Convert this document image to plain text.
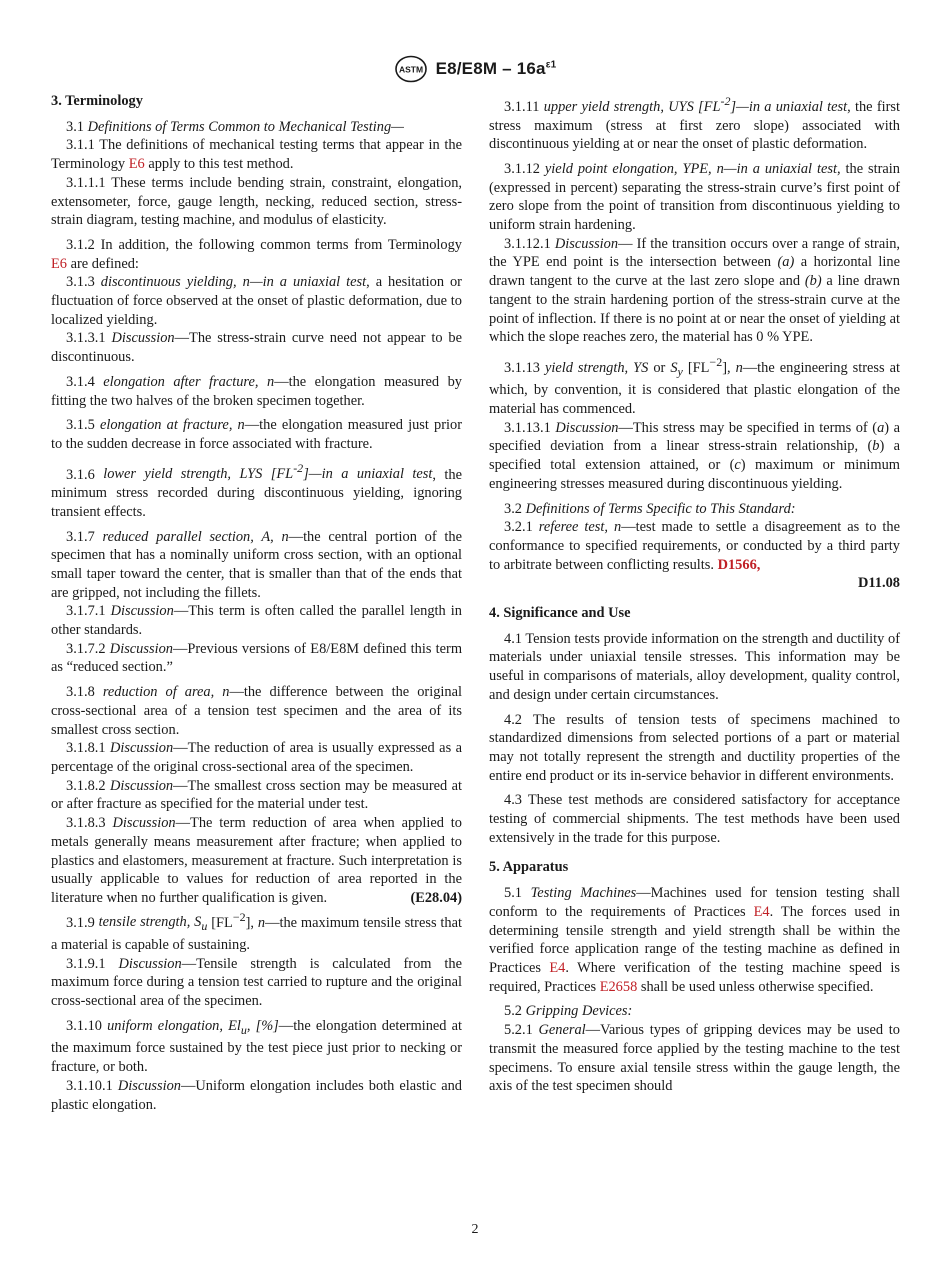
ASTM $E8/E8M - 16a^{\varepsilon 1}$
3. Terminology
3.1 Definitions of Terms Common to Mechanical Testing—
3.1.1 The definitions of mechanical testing terms that appear in the Terminology E6 apply to this test method.
3.1.1.1 These terms include bending strain, constraint, elongation, extensometer, force, gauge length, necking, reduced section, stress-strain diagram, testing machine, and modulus of elasticity.
3.1.2 In addition, the following common terms from Terminology E6 are defined:
3.1.3 discontinuous yielding, n—in a uniaxial test, a hesitation or fluctuation of force observed at the onset of plastic deformation, due to localized yielding.
3.1.3.1 Discussion—The stress-strain curve need not appear to be discontinuous.
3.1.4 elongation after fracture, n—the elongation measured by fitting the two halves of the broken specimen together.
3.1.5 elongation at fracture, n—the elongation measured just prior to the sudden decrease in force associated with fracture.
3.1.6 lower yield strength, LYS $[FL^{-2}]—in$ a uniaxial test, the minimum stress recorded during discontinuous yielding, ignoring transient effects.
3.1.7 reduced parallel section, A, n—the central portion of the specimen that has a nominally uniform cross section, with an optional small taper toward the center, that is smaller than that of the ends that are gripped, not including the fillets.
3.1.7.1 Discussion—This term is often called the parallel length in other standards.
3.1.7.2 Discussion—Previous versions of E8/E8M defined this term as “reduced section.”
3.1.8 reduction of area, n—the difference between the original cross-sectional area of a tension test specimen and the area of its smallest cross section.
3.1.8.1 Discussion—The reduction of area is usually expressed as a percentage of the original cross-sectional area of the specimen.
3.1.8.2 Discussion—The smallest cross section may be measured at or after fracture as specified for the material under test.
3.1.8.3 Discussion—The term reduction of area when applied to metals generally means measurement after fracture; when applied to plastics and elastomers, measurement at fracture. Such interpretation is usually applicable to values for reduction of area reported in the literature when no further qualification is given.	(E28.04)
3.1.9 tensile strength, $S_u$ $[FL^{-2}]$, n—the maximum tensile stress that a material is capable of sustaining.
3.1.9.1 Discussion—Tensile strength is calculated from the maximum force during a tension test carried to rupture and the original cross-sectional area of the specimen.
3.1.10 uniform elongation, $El_u$, [%]—the elongation determined at the maximum force sustained by the test piece just prior to necking or fracture, or both.
3.1.10.1 Discussion—Uniform elongation includes both elastic and plastic elongation.
3.1.11 upper yield strength, UYS $[FL^{-2}]—in$ a uniaxial test, the first stress maximum (stress at first zero slope) associated with discontinuous yielding at or near the onset of plastic deformation.
3.1.12 yield point elongation, YPE, n—in a uniaxial test, the strain (expressed in percent) separating the stress-strain curve’s first point of zero slope from the point of transition from discontinuous yielding to uniform strain hardening.
3.1.12.1 Discussion— If the transition occurs over a range of strain, the YPE end point is the intersection between (a) a horizontal line drawn tangent to the curve at the last zero slope and (b) a line drawn tangent to the strain hardening portion of the stress-strain curve at the point of inflection. If there is no point at or near the onset of yielding at which the slope reaches zero, the material has 0 % YPE.
3.1.13 yield strength, YS or $S_y$ $[FL^{-2}]$, n—the engineering stress at which, by convention, it is considered that plastic elongation of the material has commenced.
3.1.13.1 Discussion—This stress may be specified in terms of (a) a specified deviation from a linear stress-strain relationship, (b) a specified total extension attained, or (c) maximum or minimum engineering stresses measured during discontinuous yielding.
3.2 Definitions of Terms Specific to This Standard:
3.2.1 referee test, n—test made to settle a disagreement as to the conformance to specified requirements, or conducted by a third party to arbitrate between conflicting results. D1566,
D11.08
4. Significance and Use
4.1 Tension tests provide information on the strength and ductility of materials under uniaxial tensile stresses. This information may be useful in comparisons of materials, alloy development, quality control, and design under certain circumstances.
4.2 The results of tension tests of specimens machined to standardized dimensions from selected portions of a part or material may not totally represent the strength and ductility properties of the entire end product or its in-service behavior in different environments.
4.3 These test methods are considered satisfactory for acceptance testing of commercial shipments. The test methods have been used extensively in the trade for this purpose.
5. Apparatus
5.1 Testing Machines—Machines used for tension testing shall conform to the requirements of Practices E4. The forces used in determining tensile strength and yield strength shall be within the verified force application range of the testing machine as defined in Practices E4. Where verification of the testing machine speed is required, Practices E2658 shall be used unless otherwise specified.
5.2 Gripping Devices:
5.2.1 General—Various types of gripping devices may be used to transmit the measured force applied by the testing machine to the test specimens. To ensure axial tensile stress within the gauge length, the axis of the test specimen should
2
